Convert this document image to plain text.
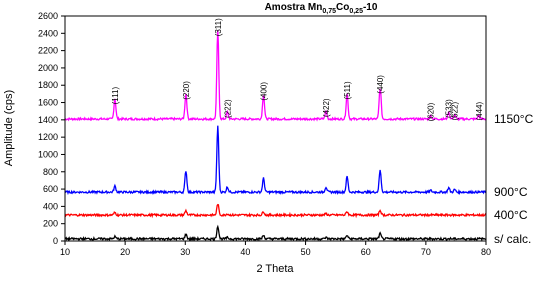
Amostra $Mn_{0,75}Co_{0,25}-10$
(111)	(220)
(311)
(222)
(400)
(422)
(511)	(440)
(620) (533)
(622) (444)
10	20	30	40	50	60	70	80
0
200
400
600
800
1000
1200
1400
1600
1800
2000
2200
2400
2600
2 Theta
Amplitude (cps)	1150°C
900°C
400°C
s/ calc.
